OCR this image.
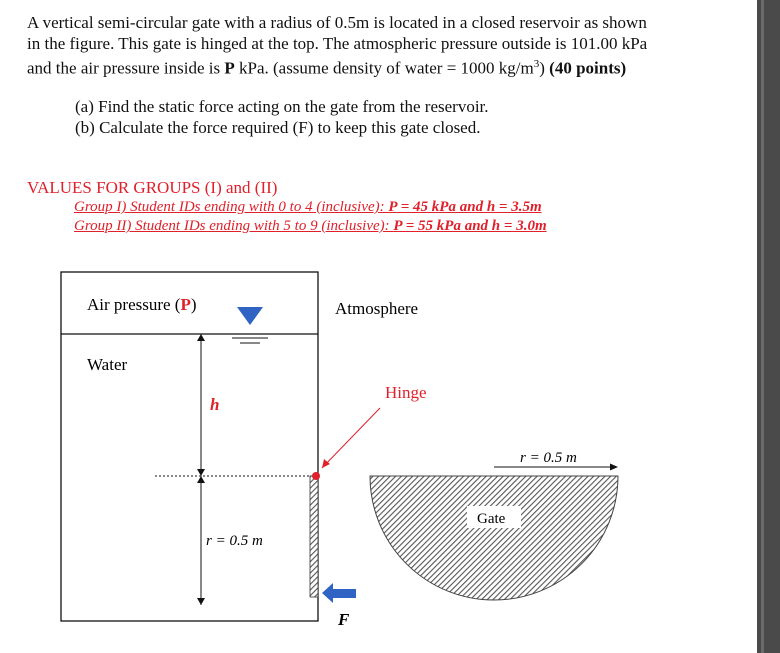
A vertical semi-circular gate with a radius of 0.5m is located in a closed reservoir as shown
in the figure. This gate is hinged at the top. The atmospheric pressure outside is 101.00 kPa
and the air pressure inside is P kPa. (assume density of water = 1000 $kg/m^3$) (40 points)
(a) Find the static force acting on the gate from the reservoir.
(b) Calculate the force required (F) to keep this gate closed.
VALUES FOR GROUPS (I) and (II)
Group I) Student IDs ending with 0 to 4 (inclusive): P = 45 kPa and h = 3.5m
Group II) Student IDs ending with 5 to 9 (inclusive): P = 55 kPa and h = 3.0m
Air pressure (P)
Water
h
r = 0.5 m
Hinge
F
Atmosphere
Gate
r = 0.5 m
